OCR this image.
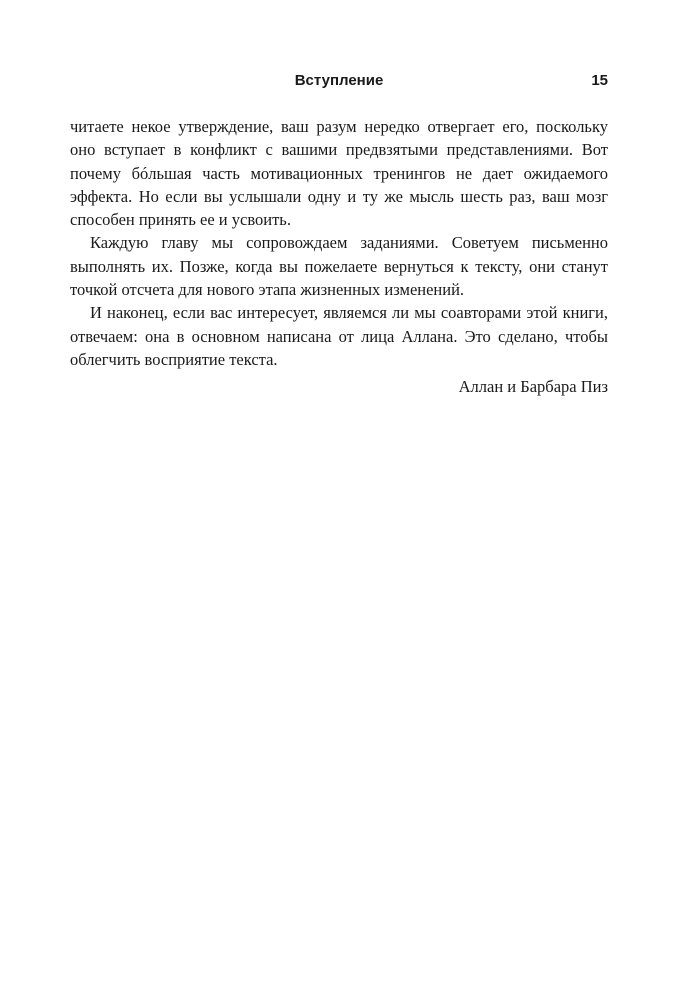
Вступление	15

читаете некое утверждение, ваш разум нередко отвергает его, поскольку оно вступает в конфликт с вашими предвзятыми представлениями. Вот почему бóльшая часть мотивационных тренингов не дает ожидаемого эффекта. Но если вы услышали одну и ту же мысль шесть раз, ваш мозг способен принять ее и усвоить.

Каждую главу мы сопровождаем заданиями. Советуем письменно выполнять их. Позже, когда вы пожелаете вернуться к тексту, они станут точкой отсчета для нового этапа жизненных изменений.

И наконец, если вас интересует, являемся ли мы соавторами этой книги, отвечаем: она в основном написана от лица Аллана. Это сделано, чтобы облегчить восприятие текста.

Аллан и Барбара Пиз
